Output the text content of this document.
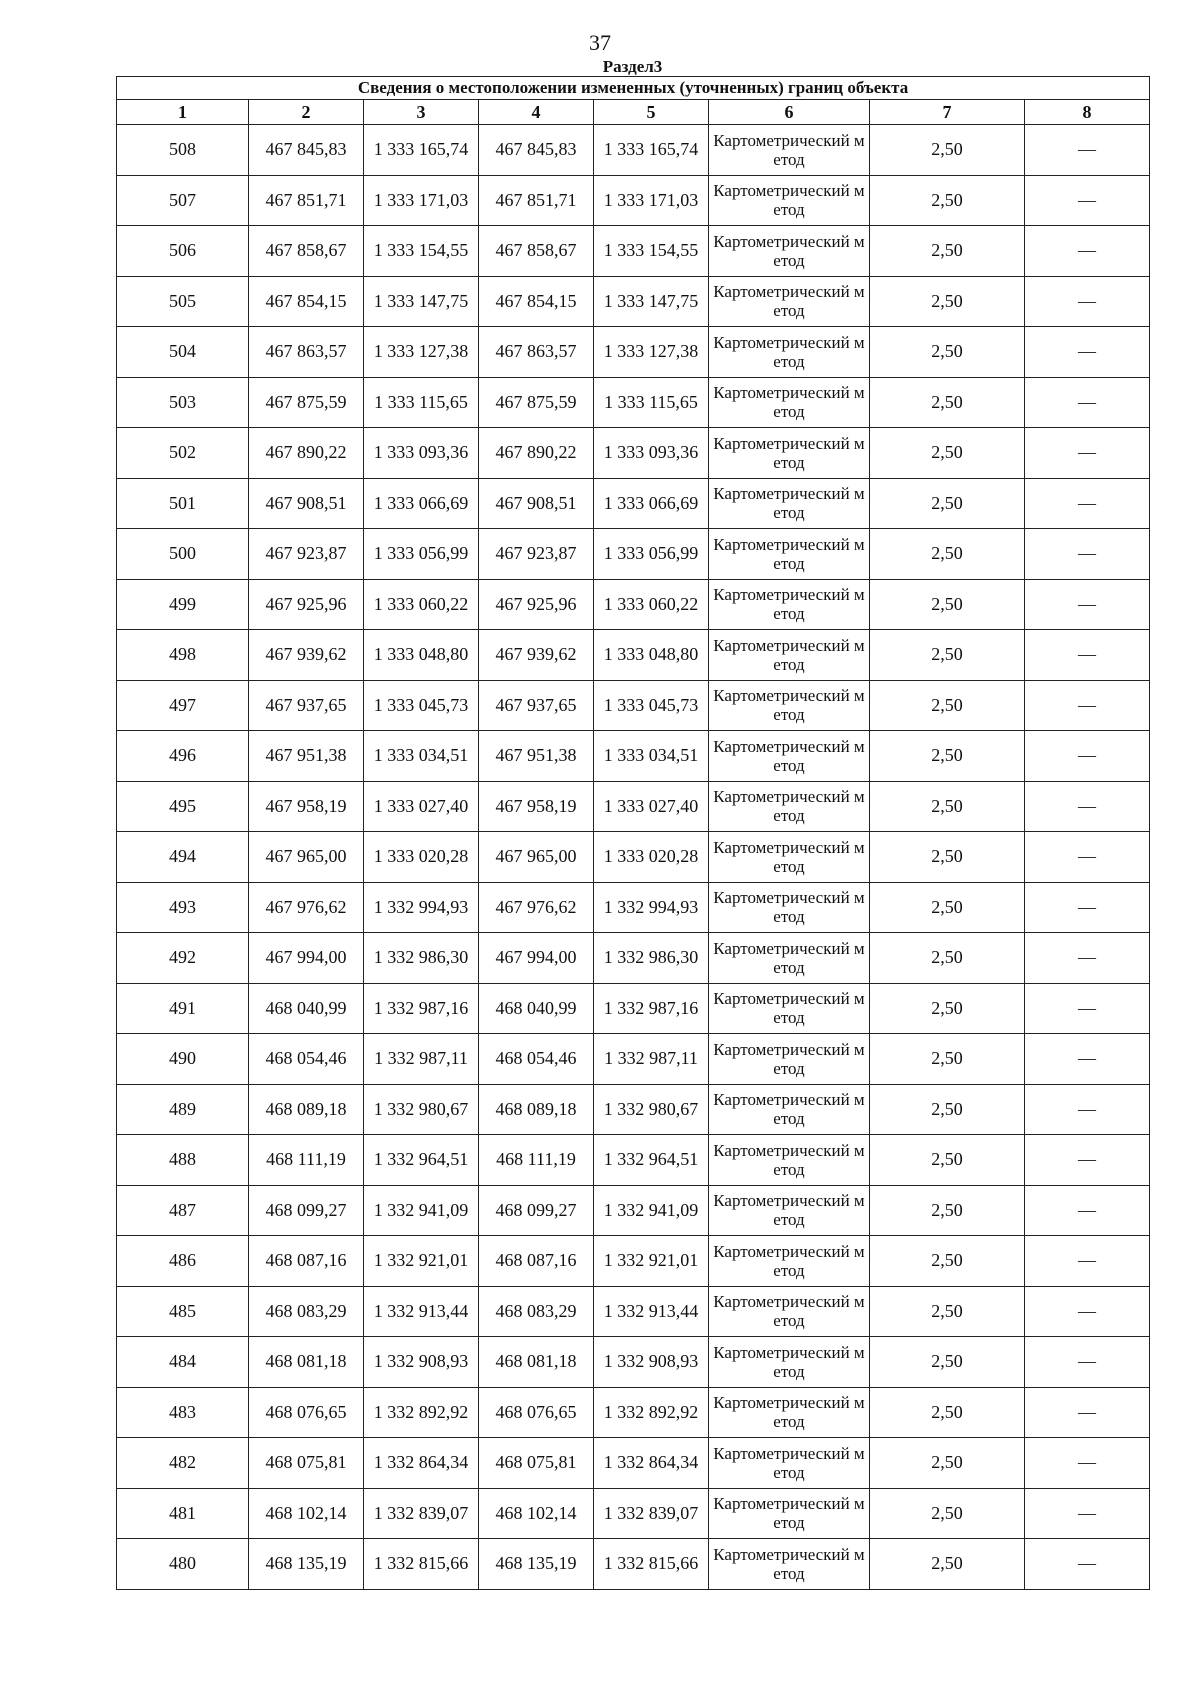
37
Раздел3
Сведения о местоположении измененных (уточненных) границ объекта							
1	2	3	4	5	6	7	8
508	467 845,83	1 333 165,74	467 845,83	1 333 165,74	Картометрический метод	2,50	—
507	467 851,71	1 333 171,03	467 851,71	1 333 171,03	Картометрический метод	2,50	—
506	467 858,67	1 333 154,55	467 858,67	1 333 154,55	Картометрический метод	2,50	—
505	467 854,15	1 333 147,75	467 854,15	1 333 147,75	Картометрический метод	2,50	—
504	467 863,57	1 333 127,38	467 863,57	1 333 127,38	Картометрический метод	2,50	—
503	467 875,59	1 333 115,65	467 875,59	1 333 115,65	Картометрический метод	2,50	—
502	467 890,22	1 333 093,36	467 890,22	1 333 093,36	Картометрический метод	2,50	—
501	467 908,51	1 333 066,69	467 908,51	1 333 066,69	Картометрический метод	2,50	—
500	467 923,87	1 333 056,99	467 923,87	1 333 056,99	Картометрический метод	2,50	—
499	467 925,96	1 333 060,22	467 925,96	1 333 060,22	Картометрический метод	2,50	—
498	467 939,62	1 333 048,80	467 939,62	1 333 048,80	Картометрический метод	2,50	—
497	467 937,65	1 333 045,73	467 937,65	1 333 045,73	Картометрический метод	2,50	—
496	467 951,38	1 333 034,51	467 951,38	1 333 034,51	Картометрический метод	2,50	—
495	467 958,19	1 333 027,40	467 958,19	1 333 027,40	Картометрический метод	2,50	—
494	467 965,00	1 333 020,28	467 965,00	1 333 020,28	Картометрический метод	2,50	—
493	467 976,62	1 332 994,93	467 976,62	1 332 994,93	Картометрический метод	2,50	—
492	467 994,00	1 332 986,30	467 994,00	1 332 986,30	Картометрический метод	2,50	—
491	468 040,99	1 332 987,16	468 040,99	1 332 987,16	Картометрический метод	2,50	—
490	468 054,46	1 332 987,11	468 054,46	1 332 987,11	Картометрический метод	2,50	—
489	468 089,18	1 332 980,67	468 089,18	1 332 980,67	Картометрический метод	2,50	—
488	468 111,19	1 332 964,51	468 111,19	1 332 964,51	Картометрический метод	2,50	—
487	468 099,27	1 332 941,09	468 099,27	1 332 941,09	Картометрический метод	2,50	—
486	468 087,16	1 332 921,01	468 087,16	1 332 921,01	Картометрический метод	2,50	—
485	468 083,29	1 332 913,44	468 083,29	1 332 913,44	Картометрический метод	2,50	—
484	468 081,18	1 332 908,93	468 081,18	1 332 908,93	Картометрический метод	2,50	—
483	468 076,65	1 332 892,92	468 076,65	1 332 892,92	Картометрический метод	2,50	—
482	468 075,81	1 332 864,34	468 075,81	1 332 864,34	Картометрический метод	2,50	—
481	468 102,14	1 332 839,07	468 102,14	1 332 839,07	Картометрический метод	2,50	—
480	468 135,19	1 332 815,66	468 135,19	1 332 815,66	Картометрический метод	2,50	—
